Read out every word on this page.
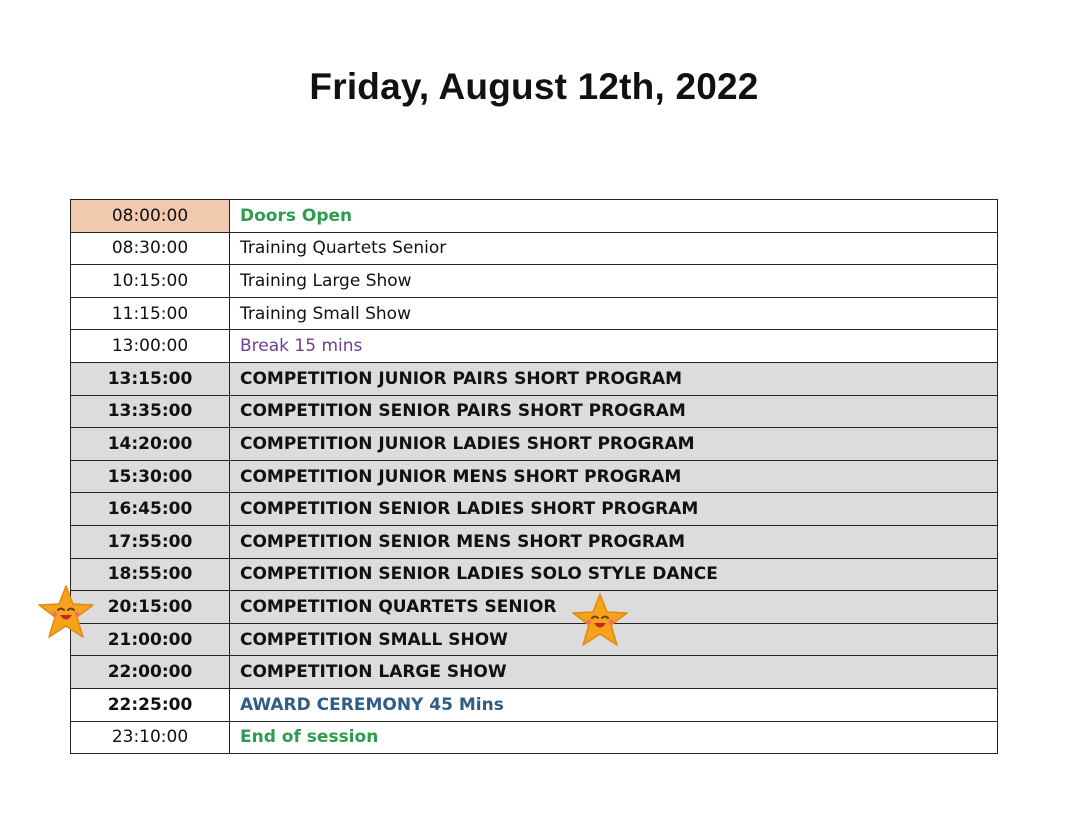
Friday, August 12th, 2022
08:00:00	Doors Open
08:30:00	Training Quartets Senior
10:15:00	Training Large Show
11:15:00	Training Small Show
13:00:00	Break 15 mins
13:15:00	COMPETITION JUNIOR PAIRS SHORT PROGRAM
13:35:00	COMPETITION SENIOR PAIRS SHORT PROGRAM
14:20:00	COMPETITION JUNIOR LADIES SHORT PROGRAM
15:30:00	COMPETITION JUNIOR MENS SHORT PROGRAM
16:45:00	COMPETITION SENIOR LADIES SHORT PROGRAM
17:55:00	COMPETITION SENIOR MENS SHORT PROGRAM
18:55:00	COMPETITION SENIOR LADIES SOLO STYLE DANCE
20:15:00	COMPETITION QUARTETS SENIOR
21:00:00	COMPETITION SMALL SHOW
22:00:00	COMPETITION LARGE SHOW
22:25:00	AWARD CEREMONY 45 Mins
23:10:00	End of session
